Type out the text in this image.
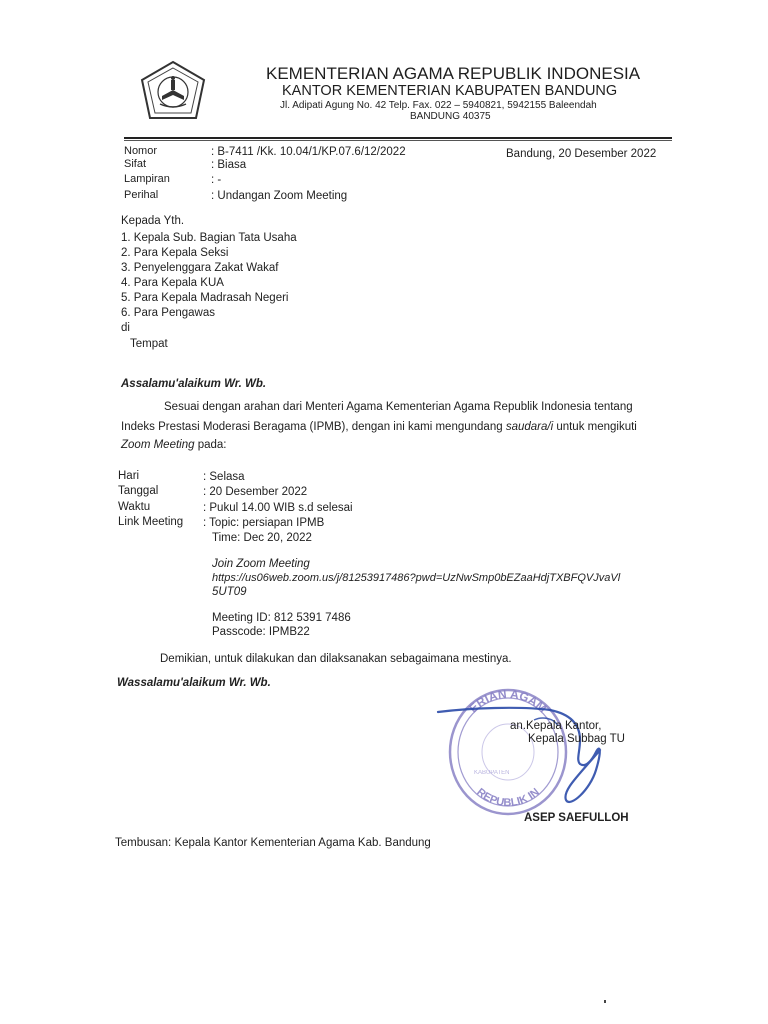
KEMENTERIAN AGAMA REPUBLIK INDONESIA
KANTOR KEMENTERIAN KABUPATEN BANDUNG
Jl. Adipati Agung No. 42 Telp. Fax. 022 – 5940821, 5942155 Baleendah
BANDUNG 40375
Nomor	: B-7411 /Kk. 10.04/1/KP.07.6/12/2022	Bandung, 20 Desember 2022
Sifat	: Biasa
Lampiran	: -
Perihal	: Undangan Zoom Meeting
Kepada Yth.
1. Kepala Sub. Bagian Tata Usaha
2. Para Kepala Seksi
3. Penyelenggara Zakat Wakaf
4. Para Kepala KUA
5. Para Kepala Madrasah Negeri
6. Para Pengawas
di
Tempat
Assalamu'alaikum Wr. Wb.
Sesuai dengan arahan dari Menteri Agama Kementerian Agama Republik Indonesia tentang
Indeks Prestasi Moderasi Beragama (IPMB), dengan ini kami mengundang saudara/i untuk mengikuti
Zoom Meeting pada:
Hari	: Selasa
Tanggal	: 20 Desember 2022
Waktu	: Pukul 14.00 WIB s.d selesai
Link Meeting : Topic: persiapan IPMB
Time: Dec 20, 2022
Join Zoom Meeting
https://us06web.zoom.us/j/81253917486?pwd=UzNwSmp0bEZaaHdjTXBFQVJvaVl
5UT09
Meeting ID: 812 5391 7486
Passcode: IPMB22
Demikian, untuk dilakukan dan dilaksanakan sebagaimana mestinya.
Wassalamu'alaikum Wr. Wb.
ERIAN AGAM
REPUBLIK IN
KABUPATEN
an.Kepala Kantor,
Kepala Subbag TU
ASEP SAEFULLOH
Tembusan: Kepala Kantor Kementerian Agama Kab. Bandung
